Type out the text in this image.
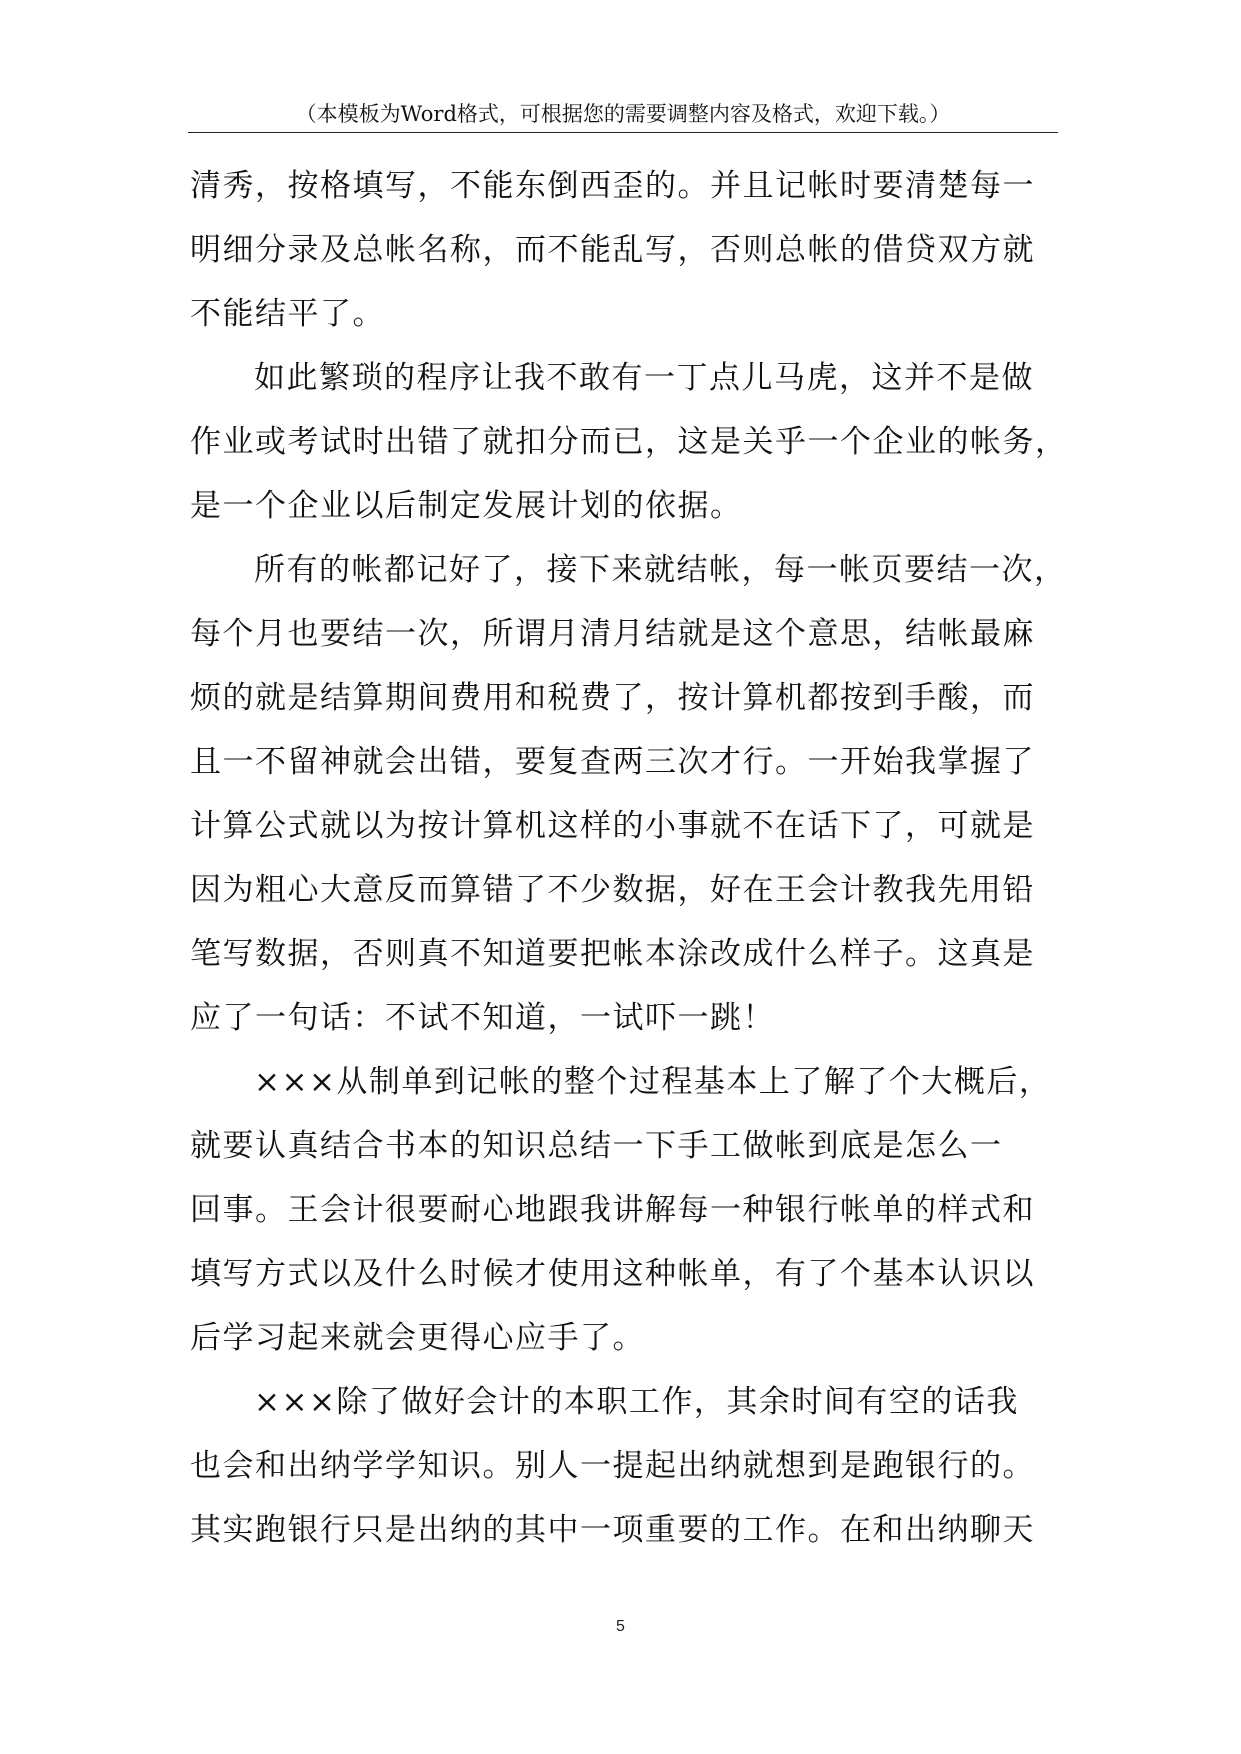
（本模板为Word格式，可根据您的需要调整内容及格式，欢迎下载。）
清秀，按格填写，不能东倒西歪的。并且记帐时要清楚每一
明细分录及总帐名称，而不能乱写，否则总帐的借贷双方就
不能结平了。
如此繁琐的程序让我不敢有一丁点儿马虎，这并不是做
作业或考试时出错了就扣分而已，这是关乎一个企业的帐务，
是一个企业以后制定发展计划的依据。
所有的帐都记好了，接下来就结帐，每一帐页要结一次，
每个月也要结一次，所谓月清月结就是这个意思，结帐最麻
烦的就是结算期间费用和税费了，按计算机都按到手酸，而
且一不留神就会出错，要复查两三次才行。一开始我掌握了
计算公式就以为按计算机这样的小事就不在话下了，可就是
因为粗心大意反而算错了不少数据，好在王会计教我先用铅
笔写数据，否则真不知道要把帐本涂改成什么样子。这真是
应了一句话：不试不知道，一试吓一跳！
×××从制单到记帐的整个过程基本上了解了个大概后，
就要认真结合书本的知识总结一下手工做帐到底是怎么一
回事。王会计很要耐心地跟我讲解每一种银行帐单的样式和
填写方式以及什么时候才使用这种帐单，有了个基本认识以
后学习起来就会更得心应手了。
×××除了做好会计的本职工作，其余时间有空的话我
也会和出纳学学知识。别人一提起出纳就想到是跑银行的。
其实跑银行只是出纳的其中一项重要的工作。在和出纳聊天
5
